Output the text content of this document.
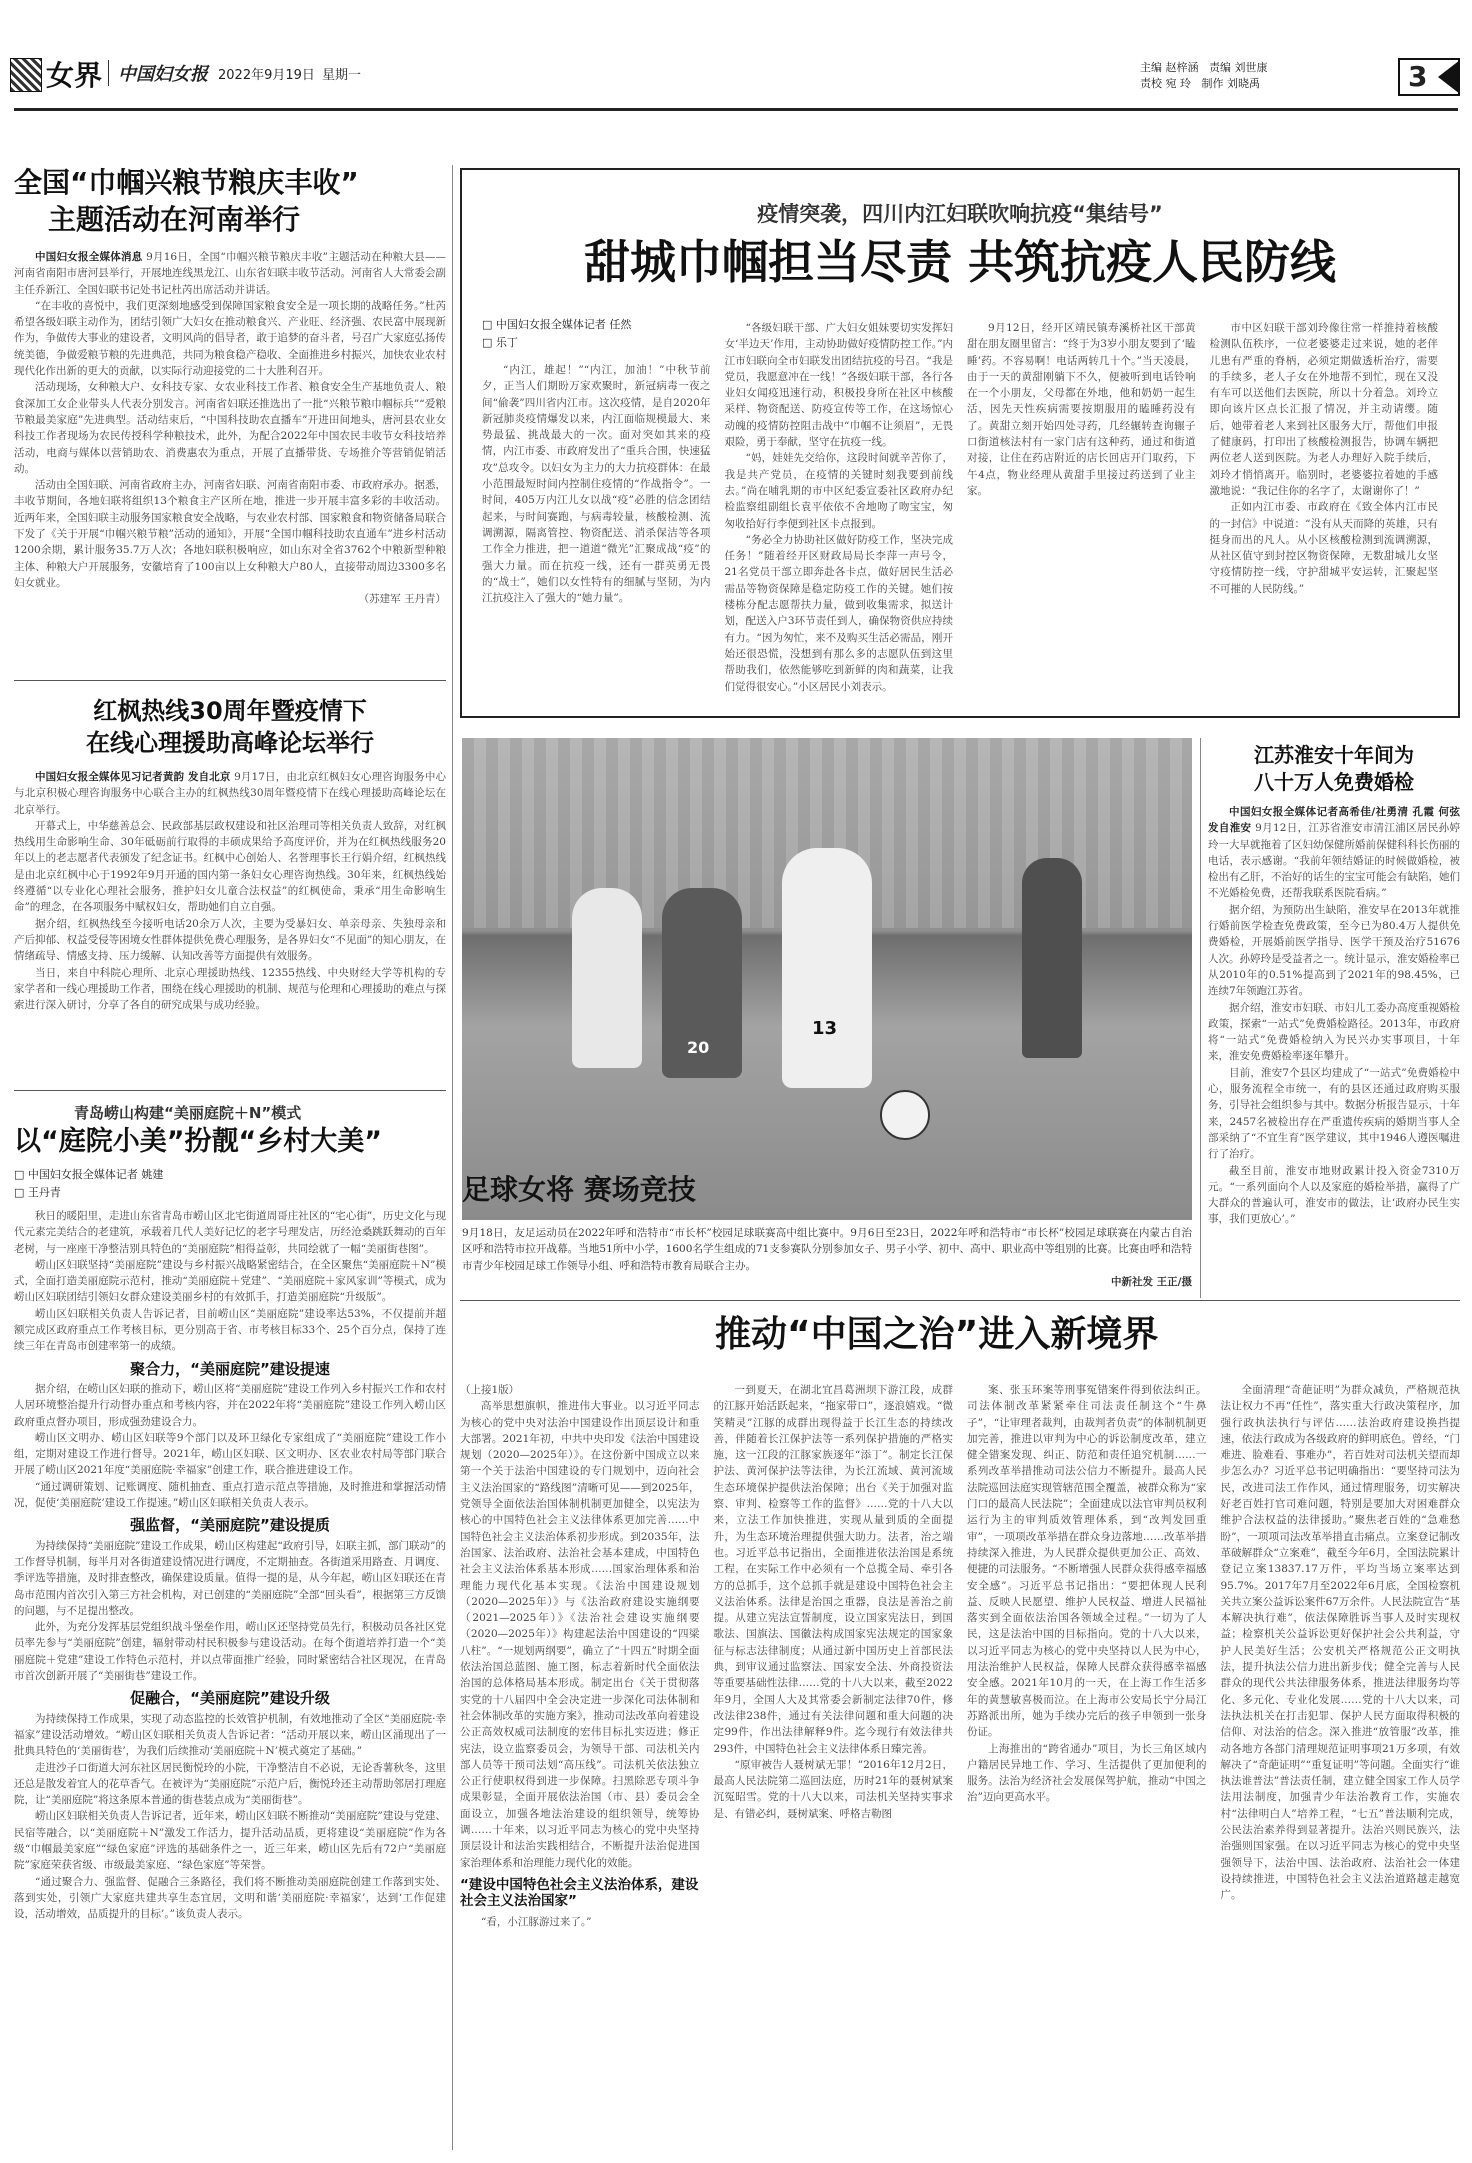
女界 中国妇女报 2022年9月19日 星期一
主编 赵梓涵 责编 刘世康
责校 宛 玲 制作 刘晓禹	3
全国“巾帼兴粮节粮庆丰收”
主题活动在河南举行

中国妇女报全媒体消息 9月16日，全国“巾帼兴粮节粮庆丰收”主题活动在种粮大县——河南省南阳市唐河县举行，开展地连线黑龙江、山东省妇联丰收节活动。河南省人大常委会副主任乔新江、全国妇联书记处书记杜芮出席活动并讲话。

“在丰收的喜悦中，我们更深刻地感受到保障国家粮食安全是一项长期的战略任务。”杜芮希望各级妇联主动作为，团结引领广大妇女在推动粮食兴、产业旺、经济强、农民富中展现新作为，争做传大事业的建设者，文明风尚的倡导者，敢于追梦的奋斗者，号召广大家庭弘扬传统美德，争做爱粮节粮的先进典范，共同为粮食稳产稳收、全面推进乡村振兴，加快农业农村现代化作出新的更大的贡献，以实际行动迎接党的二十大胜利召开。

活动现场，女种粮大户、女科技专家、女农业科技工作者、粮食安全生产基地负责人、粮食深加工女企业带头人代表分别发言。河南省妇联还推选出了一批“兴粮节粮巾帼标兵”“爱粮节粮最美家庭”先进典型。活动结束后，“中国科技助农直播车”开进田间地头，唐河县农业女科技工作者现场为农民传授科学种粮技术，此外，为配合2022年中国农民丰收节女科技培养活动，电商与媒体以营销助农、消费惠农为重点，开展了直播带货、专场推介等营销促销活动。

活动由全国妇联、河南省政府主办，河南省妇联、河南省南阳市委、市政府承办。据悉，丰收节期间，各地妇联将组织13个粮食主产区所在地，推进一步开展丰富多彩的丰收活动。近两年来，全国妇联主动服务国家粮食安全战略，与农业农村部、国家粮食和物资储备局联合下发了《关于开展“巾帼兴粮节粮”活动的通知》，开展“全国巾帼科技助农直通车”进乡村活动1200余期，累计服务35.7万人次；各地妇联积极响应，如山东对全省3762个中粮新型种粮主体、种粮大户开展服务，安徽培育了100亩以上女种粮大户80人，直接带动周边3300多名妇女就业。

（苏建军 王丹青）

红枫热线30周年暨疫情下
在线心理援助高峰论坛举行

中国妇女报全媒体见习记者黄韵 发自北京 9月17日，由北京红枫妇女心理咨询服务中心与北京积极心理咨询服务中心联合主办的红枫热线30周年暨疫情下在线心理援助高峰论坛在北京举行。

开幕式上，中华慈善总会、民政部基层政权建设和社区治理司等相关负责人致辞，对红枫热线用生命影响生命、30年砥砺前行取得的丰硕成果给予高度评价，并为在红枫热线服务20年以上的老志愿者代表颁发了纪念证书。红枫中心创始人、名誉理事长王行娟介绍，红枫热线是由北京红枫中心于1992年9月开通的国内第一条妇女心理咨询热线。30年来，红枫热线始终遵循“以专业化心理社会服务，推护妇女儿童合法权益”的红枫使命，秉承“用生命影响生命”的理念，在各项服务中赋权妇女，帮助她们自立自强。

据介绍，红枫热线至今接听电话20余万人次，主要为受暴妇女、单亲母亲、失独母亲和产后抑郁、权益受侵等困境女性群体提供免费心理服务，是各界妇女“不见面”的知心朋友，在情绪疏导、情感支持、压力缓解、认知改善等方面提供有效服务。

当日，来自中科院心理所、北京心理援助热线、12355热线、中央财经大学等机构的专家学者和一线心理援助工作者，围绕在线心理援助的机制、规范与伦理和心理援助的难点与探索进行深入研讨，分享了各自的研究成果与成功经验。

青岛崂山构建“美丽庭院＋N”模式
以“庭院小美”扮靓“乡村大美”
□ 中国妇女报全媒体记者 姚建
□ 王丹青

秋日的暖阳里，走进山东省青岛市崂山区北宅街道周哥庄社区的“宅心街”，历史文化与现代元素完美结合的老建筑，承载着几代人美好记忆的老字号理发店，历经沧桑跳跃舞动的百年老树，与一座座干净整洁别具特色的“美丽庭院”相得益彰，共同绘就了一幅“美丽街巷图”。

崂山区妇联坚持“美丽庭院”建设与乡村振兴战略紧密结合，在全区聚焦“美丽庭院＋N”模式，全面打造美丽庭院示范村，推动“美丽庭院＋党建”、“美丽庭院＋家风家训”等模式，成为崂山区妇联团结引领妇女群众建设美丽乡村的有效抓手，打造美丽庭院“升级版”。

崂山区妇联相关负责人告诉记者，目前崂山区“美丽庭院”建设率达53%，不仅提前并超额完成区政府重点工作考核目标，更分别高于省、市考核目标33个、25个百分点，保持了连续三年在青岛市创建率第一的成绩。

聚合力，“美丽庭院”建设提速

据介绍，在崂山区妇联的推动下，崂山区将“美丽庭院”建设工作列入乡村振兴工作和农村人居环境整治提升行动督办重点和考核内容，并在2022年将“美丽庭院”建设工作列入崂山区政府重点督办项目，形成强劲建设合力。

崂山区文明办、崂山区妇联等9个部门以及环卫绿化专家组成了“美丽庭院”建设工作小组，定期对建设工作进行督导。2021年，崂山区妇联、区文明办、区农业农村局等部门联合开展了崂山区2021年度“美丽庭院·幸福家”创建工作，联合推进建设工作。

“通过调研策划、记账调度、随机抽查、重点打造示范点等措施，及时推进和掌握活动情况，促使‘美丽庭院’建设工作提速。”崂山区妇联相关负责人表示。

强监督，“美丽庭院”建设提质

为持续保持“美丽庭院”建设工作成果，崂山区构建起“政府引导，妇联主抓，部门联动”的工作督导机制，每半月对各街道建设情况进行调度，不定期抽查。各街道采用路查、月调度、季评选等措施，及时排查整改，确保建设质量。值得一提的是，从今年起，崂山区妇联还在青岛市范围内首次引入第三方社会机构，对已创建的“美丽庭院”全部“回头看”，根据第三方反馈的问题，与不足提出整改。

此外，为充分发挥基层党组织战斗堡垒作用，崂山区还坚持党员先行，积极动员各社区党员率先参与“美丽庭院”创建，辐射带动村民积极参与建设活动。在每个街道培养打造一个“美丽庭院＋党建”建设工作特色示范村，并以点带面推广经验，同时紧密结合社区现况，在青岛市首次创新开展了“美丽街巷”建设工作。

促融合，“美丽庭院”建设升级

为持续保持工作成果，实现了动态监控的长效管护机制，有效地推动了全区“美丽庭院·幸福家”建设活动增效。“崂山区妇联相关负责人告诉记者：“活动开展以来，崂山区涌现出了一批典具特色的‘美丽街巷’，为我们后续推动‘美丽庭院＋N’模式奠定了基础。”

走进沙子口街道大河东社区居民衡悦玲的小院，干净整洁自不必说，无论香薯秋冬，这里还总是散发着宜人的花草香气。在被评为“美丽庭院”示范户后，衡悦玲还主动帮助邻居打理庭院，让“美丽庭院”将这条原本普通的街巷装点成为“美丽街巷”。

崂山区妇联相关负责人告诉记者，近年来，崂山区妇联不断推动“美丽庭院”建设与党建、民宿等融合，以“美丽庭院＋N”激发工作活力，提升活动品质，更将建设“美丽庭院”作为各级“巾帼最美家庭”“绿色家庭”评选的基础条件之一，近三年来，崂山区先后有72户“美丽庭院”家庭荣获省级、市级最美家庭、“绿色家庭”等荣誉。

“通过聚合力、强监督、促融合三条路径，我们将不断推动美丽庭院创建工作落到实处、落到实处，引领广大家庭共建共享生态宜居，文明和谐‘美丽庭院·幸福家’，达到‘工作促建设，活动增效，品质提升的目标’。”该负责人表示。

疫情突袭，四川内江妇联吹响抗疫“集结号”
甜城巾帼担当尽责 共筑抗疫人民防线
□ 中国妇女报全媒体记者 任然
□ 乐丁

“内江，雄起！”“内江，加油！”中秋节前夕，正当人们期盼万家欢聚时，新冠病毒一夜之间“偷袭”四川省内江市。这次疫情，是自2020年新冠肺炎疫情爆发以来，内江面临规模最大、来势最猛、挑战最大的一次。面对突如其来的疫情，内江市委、市政府发出了“重兵合围，快速猛攻”总攻令。以妇女为主力的大力抗疫群体：在最小范围最短时间内控制住疫情的“作战指令”。一时间，405万内江儿女以战“疫”必胜的信念团结起来，与时间赛跑，与病毒较量，核酸检测、流调溯源，隔离管控、物资配送、消杀保洁等各项工作全力推进，把一道道“微光”汇聚成战“疫”的强大力量。而在抗疫一线，还有一群英勇无畏的“战士”，她们以女性特有的细腻与坚韧，为内江抗疫注入了强大的“她力量”。

“各级妇联干部、广大妇女姐妹要切实发挥妇女‘半边天’作用，主动协助做好疫情防控工作。”内江市妇联向全市妇联发出团结抗疫的号召。“我是党员，我愿意冲在一线！”各级妇联干部，各行各业妇女闻疫迅速行动，积极投身所在社区中核酸采样、物资配送、防疫宣传等工作，在这场惊心动魄的疫情防控阻击战中“巾帼不让须眉”，无畏艰险，勇于奉献，坚守在抗疫一线。

“妈，娃娃先交给你，这段时间就辛苦你了，我是共产党员，在疫情的关键时刻我要到前线去。”尚在哺乳期的市中区纪委宣委社区政府办纪检监察组副组长袁平依依不舍地吻了吻宝宝，匆匆收拾好行李便到社区卡点报到。

“务必全力协助社区做好防疫工作，坚决完成任务！”随着经开区财政局局长李萍一声号令，21名党员干部立即奔赴各卡点，做好居民生活必需品等物资保障是稳定防疫工作的关键。她们按楼栋分配志愿帮扶力量，做到收集需求，拟送计划，配送入户3环节责任到人，确保物资供应持续有力。“因为匆忙，来不及购买生活必需品，刚开始还很恐慌，没想到有那么多的志愿队伍到这里帮助我们，依然能够吃到新鲜的肉和蔬菜，让我们觉得很安心。”小区居民小刘表示。

9月12日，经开区靖民镇寿溪桥社区干部黄甜在朋友圈里留言：“终于为3岁小朋友要到了‘瞌睡’药。不容易啊！电话两转几十个。”当天凌晨，由于一天的黄甜刚躺下不久，便被听到电话铃响在一个小朋友，父母都在外地，他和奶奶一起生活，因先天性疾病需要按期服用的瞌睡药没有了。黄甜立刻开始四处寻药，几经辗转查询辗子口街道核法村有一家门店有这种药，通过和街道对接，让住在药店附近的店长回店开门取药，下午4点，物业经理从黄甜手里接过药送到了业主家。

市中区妇联干部刘玲像往常一样推持着核酸检测队伍秩序，一位老婆婆走过来说，她的老伴儿患有严重的脊柄，必须定期做透析治疗，需要的手续多，老人子女在外地帮不到忙，现在又没有车可以送他们去医院，所以十分着急。刘玲立即向该片区点长汇报了情况，并主动请缨。随后，她带着老人来到社区服务大厅，帮他们申报了健康码，打印出了核酸检测报告，协调车辆把两位老人送到医院。为老人办理好入院手续后，刘玲才悄悄离开。临别时，老婆婆拉着她的手感激地说：“我记住你的名字了，太谢谢你了！”

正如内江市委、市政府在《致全体内江市民的一封信》中说道：“没有从天而降的英雄，只有挺身而出的凡人。从小区核酸检测到流调溯源，从社区值守到封控区物资保障，无数甜城儿女坚守疫情防控一线，守护甜城平安运转，汇聚起坚不可摧的人民防线。”

20
13
足球女将 赛场竞技

9月18日，友足运动员在2022年呼和浩特市“市长杯”校园足球联赛高中组比赛中。9月6日至23日，2022年呼和浩特市“市长杯”校园足球联赛在内蒙古自治区呼和浩特市拉开战幕。当地51所中小学，1600名学生组成的71支参赛队分别参加女子、男子小学、初中、高中、职业高中等组别的比赛。比赛由呼和浩特市青少年校园足球工作领导小组、呼和浩特市教育局联合主办。

中新社发 王正/摄

江苏淮安十年间为
八十万人免费婚检

中国妇女报全媒体记者高希佳/社勇清 孔霞 何弦 发自淮安 9月12日，江苏省淮安市清江浦区居民孙婷玲一大早就拖着了区妇幼保健所婚前保健科科长伤丽的电话，表示感谢。“我前年领结婚证的时候做婚检，被检出有乙肝，不治好的话生的宝宝可能会有缺陷，她们不光婚检免费，还帮我联系医院看病。”

据介绍，为预防出生缺陷，淮安早在2013年就推行婚前医学检查免费政策，至今已为80.4万人提供免费婚检，开展婚前医学指导、医学干预及治疗51676人次。孙婷玲是受益者之一。统计显示，淮安婚检率已从2010年的0.51%提高到了2021年的98.45%，已连续7年领跑江苏省。

据介绍，淮安市妇联、市妇儿工委办高度重视婚检政策，探索“一站式”免费婚检路径。2013年，市政府将“一站式”免费婚检纳入为民兴办实事项目，十年来，淮安免费婚检率逐年攀升。

目前，淮安7个县区均建成了“一站式”免费婚检中心，服务流程全市统一，有的县区还通过政府购买服务，引导社会组织参与其中。数据分析报告显示，十年来，2457名被检出存在严重遗传疾病的婚期当事人全部采纳了“不宜生育”医学建议，其中1946人遵医嘱进行了治疗。

截至目前，淮安市地财政累计投入资金7310万元。“一系列面向个人以及家庭的婚检举措，赢得了广大群众的普遍认可，淮安市的做法，让‘政府办民生实事，我们更放心’。”

推动“中国之治”进入新境界

（上接1版）

高举思想旗帜，推进伟大事业。以习近平同志为核心的党中央对法治中国建设作出顶层设计和重大部署。2021年初，中共中央印发《法治中国建设规划（2020—2025年）》。在这份新中国成立以来第一个关于法治中国建设的专门规划中，迈向社会主义法治国家的“路线图”清晰可见——到2025年，党领导全面依法治国体制机制更加健全，以宪法为核心的中国特色社会主义法律体系更加完善……中国特色社会主义法治体系初步形成。到2035年，法治国家、法治政府、法治社会基本建成，中国特色社会主义法治体系基本形成……国家治理体系和治理能力现代化基本实现。《法治中国建设规划（2020—2025年）》与《法治政府建设实施纲要（2021—2025年）》《法治社会建设实施纲要（2020—2025年）》构建起法治中国建设的“四梁八柱”。“一规划两纲要”，确立了“十四五”时期全面依法治国总蓝图、施工图，标志着新时代全面依法治国的总体格局基本形成。制定出台《关于贯彻落实党的十八届四中全会决定进一步深化司法体制和社会体制改革的实施方案》，推动司法改革向着建设公正高效权威司法制度的宏伟目标扎实迈进；修正宪法，设立监察委员会，为领导干部、司法机关内部人员等干预司法划“高压线”。司法机关依法独立公正行使职权得到进一步保障。扫黑除恶专项斗争成果彰显，全面开展依法治国（市、县）委员会全面设立，加强各地法治建设的组织领导，统筹协调……十年来，以习近平同志为核心的党中央坚持顶层设计和法治实践相结合，不断提升法治促进国家治理体系和治理能力现代化的效能。

“建设中国特色社会主义法治体系，建设社会主义法治国家”

“看，小江豚游过来了。”

一到夏天，在湖北宜昌葛洲坝下游江段，成群的江豚开始活跃起来，“拖家带口”，逐浪嬉戏。“微笑精灵”江豚的成群出现得益于长江生态的持续改善，伴随着长江保护法等一系列保护措施的严格实施，这一江段的江豚家族逐年“添丁”。制定长江保护法、黄河保护法等法律，为长江流域、黄河流域生态环境保护提供法治保障；出台《关于加强对监察、审判、检察等工作的监督》……党的十八大以来，立法工作加快推进，实现从量到质的全面提升，为生态环境治理提供强大助力。法者，治之端也。习近平总书记指出，全面推进依法治国是系统工程，在实际工作中必须有一个总揽全局、牵引各方的总抓手，这个总抓手就是建设中国特色社会主义法治体系。法律是治国之重器，良法是善治之前提。从建立宪法宣誓制度，设立国家宪法日，到国歌法、国旗法、国徽法构成国家宪法规定的国家象征与标志法律制度；从通过新中国历史上首部民法典，到审议通过监察法、国家安全法、外商投资法等重要基础性法律……党的十八大以来，截至2022年9月，全国人大及其常委会新制定法律70件，修改法律238件，通过有关法律问题和重大问题的决定99件，作出法律解释9件。迄今现行有效法律共293件，中国特色社会主义法律体系日臻完善。

“原审被告人聂树斌无罪！”2016年12月2日，最高人民法院第二巡回法庭，历时21年的聂树斌案沉冤昭雪。党的十八大以来，司法机关坚持实事求是、有错必纠，聂树斌案、呼格吉勒图

案、张玉环案等刑事冤错案件得到依法纠正。司法体制改革紧紧牵住司法责任制这个“牛鼻子”，“让审理者裁判，由裁判者负责”的体制机制更加完善，推进以审判为中心的诉讼制度改革，建立健全错案发现、纠正、防范和责任追究机制……一系列改革举措推动司法公信力不断提升。最高人民法院巡回法庭实现管辖范围全覆盖，被群众称为“家门口的最高人民法院”；全面建成以法官审判员权利运行为主的审判质效管理体系，到“改判发回重审”，一项项改革举措在群众身边落地……改革举措持续深入推进，为人民群众提供更加公正、高效、便捷的司法服务。“不断增强人民群众获得感幸福感安全感”。习近平总书记指出：“要把体现人民利益、反映人民愿望、维护人民权益、增进人民福祉落实到全面依法治国各领域全过程。”一切为了人民，这是法治中国的目标指向。党的十八大以来，以习近平同志为核心的党中央坚持以人民为中心，用法治维护人民权益，保障人民群众获得感幸福感安全感。2021年10月的一天，在上海工作生活多年的黄慧敏喜极而泣。在上海市公安局长宁分局江苏路派出所，她为手续办完后的孩子申领到一张身份证。

上海推出的“跨省通办”项目，为长三角区域内户籍居民异地工作、学习、生活提供了更加便利的服务。法治为经济社会发展保驾护航，推动“中国之治”迈向更高水平。

全面清理“奇葩证明”为群众减负，严格规范执法让权力不再“任性”，落实重大行政决策程序，加强行政执法执行与评估……法治政府建设换挡提速，依法行政成为各级政府的鲜明底色。曾经，“门难进、脸难看、事难办”，若百姓对司法机关望而却步怎么办？习近平总书记明确指出：“要坚持司法为民，改进司法工作作风，通过情理服务，切实解决好老百姓打官司难问题，特别是要加大对困难群众维护合法权益的法律援助。”聚焦老百姓的“急难愁盼”，一项项司法改革举措直击痛点。立案登记制改革破解群众“立案难”，截至今年6月，全国法院累计登记立案13837.17万件，平均当场立案率达到95.7%。2017年7月至2022年6月底，全国检察机关共立案公益诉讼案件67万余件。人民法院宣告“基本解决执行难”，依法保障胜诉当事人及时实现权益；检察机关公益诉讼更好保护社会公共利益，守护人民美好生活；公安机关严格规范公正文明执法，提升执法公信力进出新步伐；健全完善与人民群众的现代公共法律服务体系，推进法律服务均等化、多元化、专业化发展……党的十八大以来，司法执法机关在打击犯罪、保护人民方面取得积极的信仰、对法治的信念。深入推进“放管服”改革，推动各地方各部门清理规范证明事项21万多项，有效解决了“奇葩证明”“重复证明”等问题。全面实行“谁执法谁普法”普法责任制，建立健全国家工作人员学法用法制度，加强青少年法治教育工作，实施农村“法律明白人”培养工程，“七五”普法顺利完成，公民法治素养得到显著提升。法治兴则民族兴，法治强则国家强。在以习近平同志为核心的党中央坚强领导下，法治中国、法治政府、法治社会一体建设持续推进，中国特色社会主义法治道路越走越宽广。
